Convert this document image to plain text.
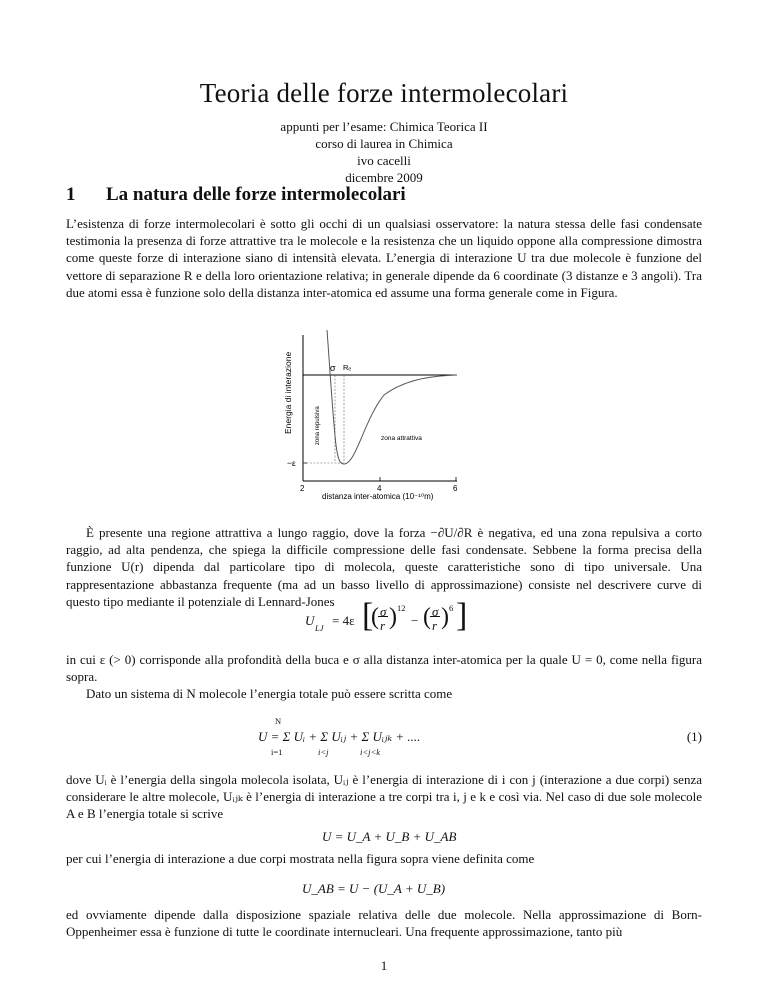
Teoria delle forze intermolecolari
appunti per l’esame: Chimica Teorica II
corso di laurea in Chimica
ivo cacelli
dicembre 2009
1 La natura delle forze intermolecolari
L’esistenza di forze intermolecolari è sotto gli occhi di un qualsiasi osservatore: la natura stessa delle fasi condensate testimonia la presenza di forze attrattive tra le molecole e la resistenza che un liquido oppone alla compressione dimostra come queste forze di interazione siano di intensità elevata. L’energia di interazione U tra due molecole è funzione del vettore di separazione R e della loro orientazione relativa; in generale dipende da 6 coordinate (3 distanze e 3 angoli). Tra due atomi essa è funzione solo della distanza inter-atomica ed assume una forma generale come in Figura.
Energia di interazione	zona repulsiva	zona attrattiva
σ Rₑ
−ε
2	4	6
distanza inter-atomica (10⁻¹⁰m)
È presente una regione attrattiva a lungo raggio, dove la forza −∂U/∂R è negativa, ed una zona repulsiva a corto raggio, ad alta pendenza, che spiega la difficile compressione delle fasi condensate. Sebbene la forma precisa della funzione U(r) dipenda dal particolare tipo di molecola, queste caratteristiche sono di tipo universale. Una rappresentazione abbastanza frequente (ma ad un basso livello di approssimazione) consiste nel descrivere curve di questo tipo mediante il potenziale di Lennard-Jones
U LJ = 4ε [
( σ
r ) 12
− ( σ
r ) 6 ]
in cui ε (> 0) corrisponde alla profondità della buca e σ alla distanza inter-atomica per la quale U = 0, come nella figura sopra.
Dato un sistema di N molecole l’energia totale può essere scritta come
N
U = Σ Uᵢ + Σ Uᵢⱼ + Σ Uᵢⱼₖ + ....
i=1	i<j	i<j<k
(1)
dove Uᵢ è l’energia della singola molecola isolata, Uᵢⱼ è l’energia di interazione di i con j (interazione a due corpi) senza considerare le altre molecole, Uᵢⱼₖ è l’energia di interazione a tre corpi tra i, j e k e così via. Nel caso di due sole molecole A e B l’energia totale si scrive
U = U_A + U_B + U_AB
per cui l’energia di interazione a due corpi mostrata nella figura sopra viene definita come
U_AB = U − (U_A + U_B)
ed ovviamente dipende dalla disposizione spaziale relativa delle due molecole. Nella approssimazione di Born-Oppenheimer essa è funzione di tutte le coordinate internucleari. Una frequente approssimazione, tanto più
1
